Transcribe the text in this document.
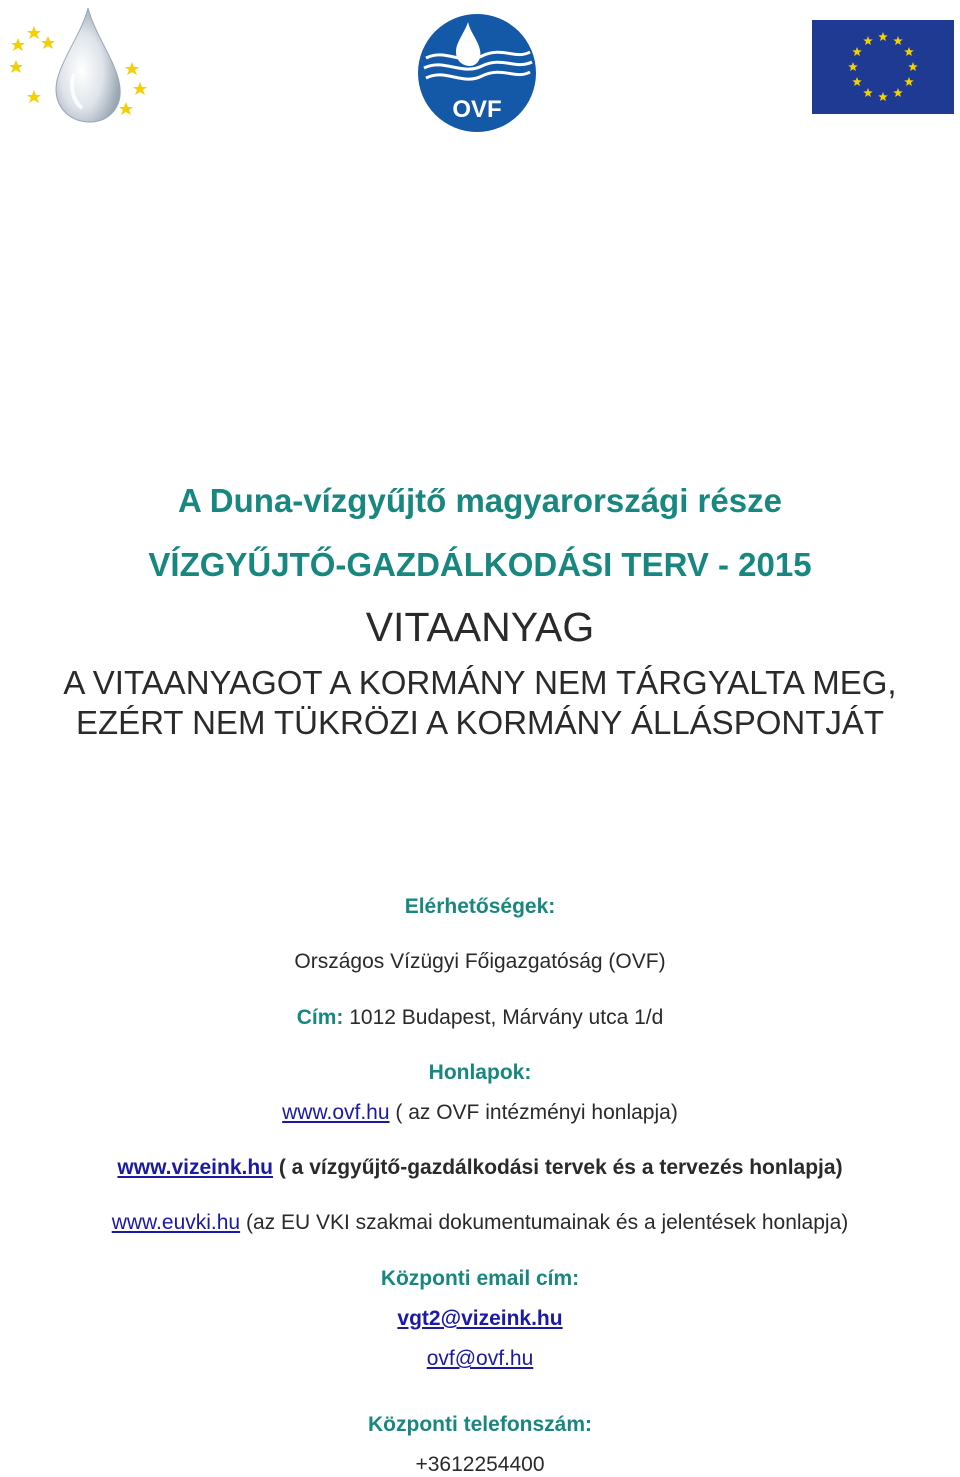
OVF
A Duna-vízgyűjtő magyarországi része
VÍZGYŰJTŐ-GAZDÁLKODÁSI TERV - 2015
VITAANYAG
A VITAANYAGOT A KORMÁNY NEM TÁRGYALTA MEG,
EZÉRT NEM TÜKRÖZI A KORMÁNY ÁLLÁSPONTJÁT
Elérhetőségek:
Országos Vízügyi Főigazgatóság (OVF)
Cím: 1012 Budapest, Márvány utca 1/d
Honlapok:
www.ovf.hu ( az OVF intézményi honlapja)
www.vizeink.hu ( a vízgyűjtő-gazdálkodási tervek és a tervezés honlapja)
www.euvki.hu (az EU VKI szakmai dokumentumainak és a jelentések honlapja)
Központi email cím:
vgt2@vizeink.hu
ovf@ovf.hu
Központi telefonszám:
+3612254400
